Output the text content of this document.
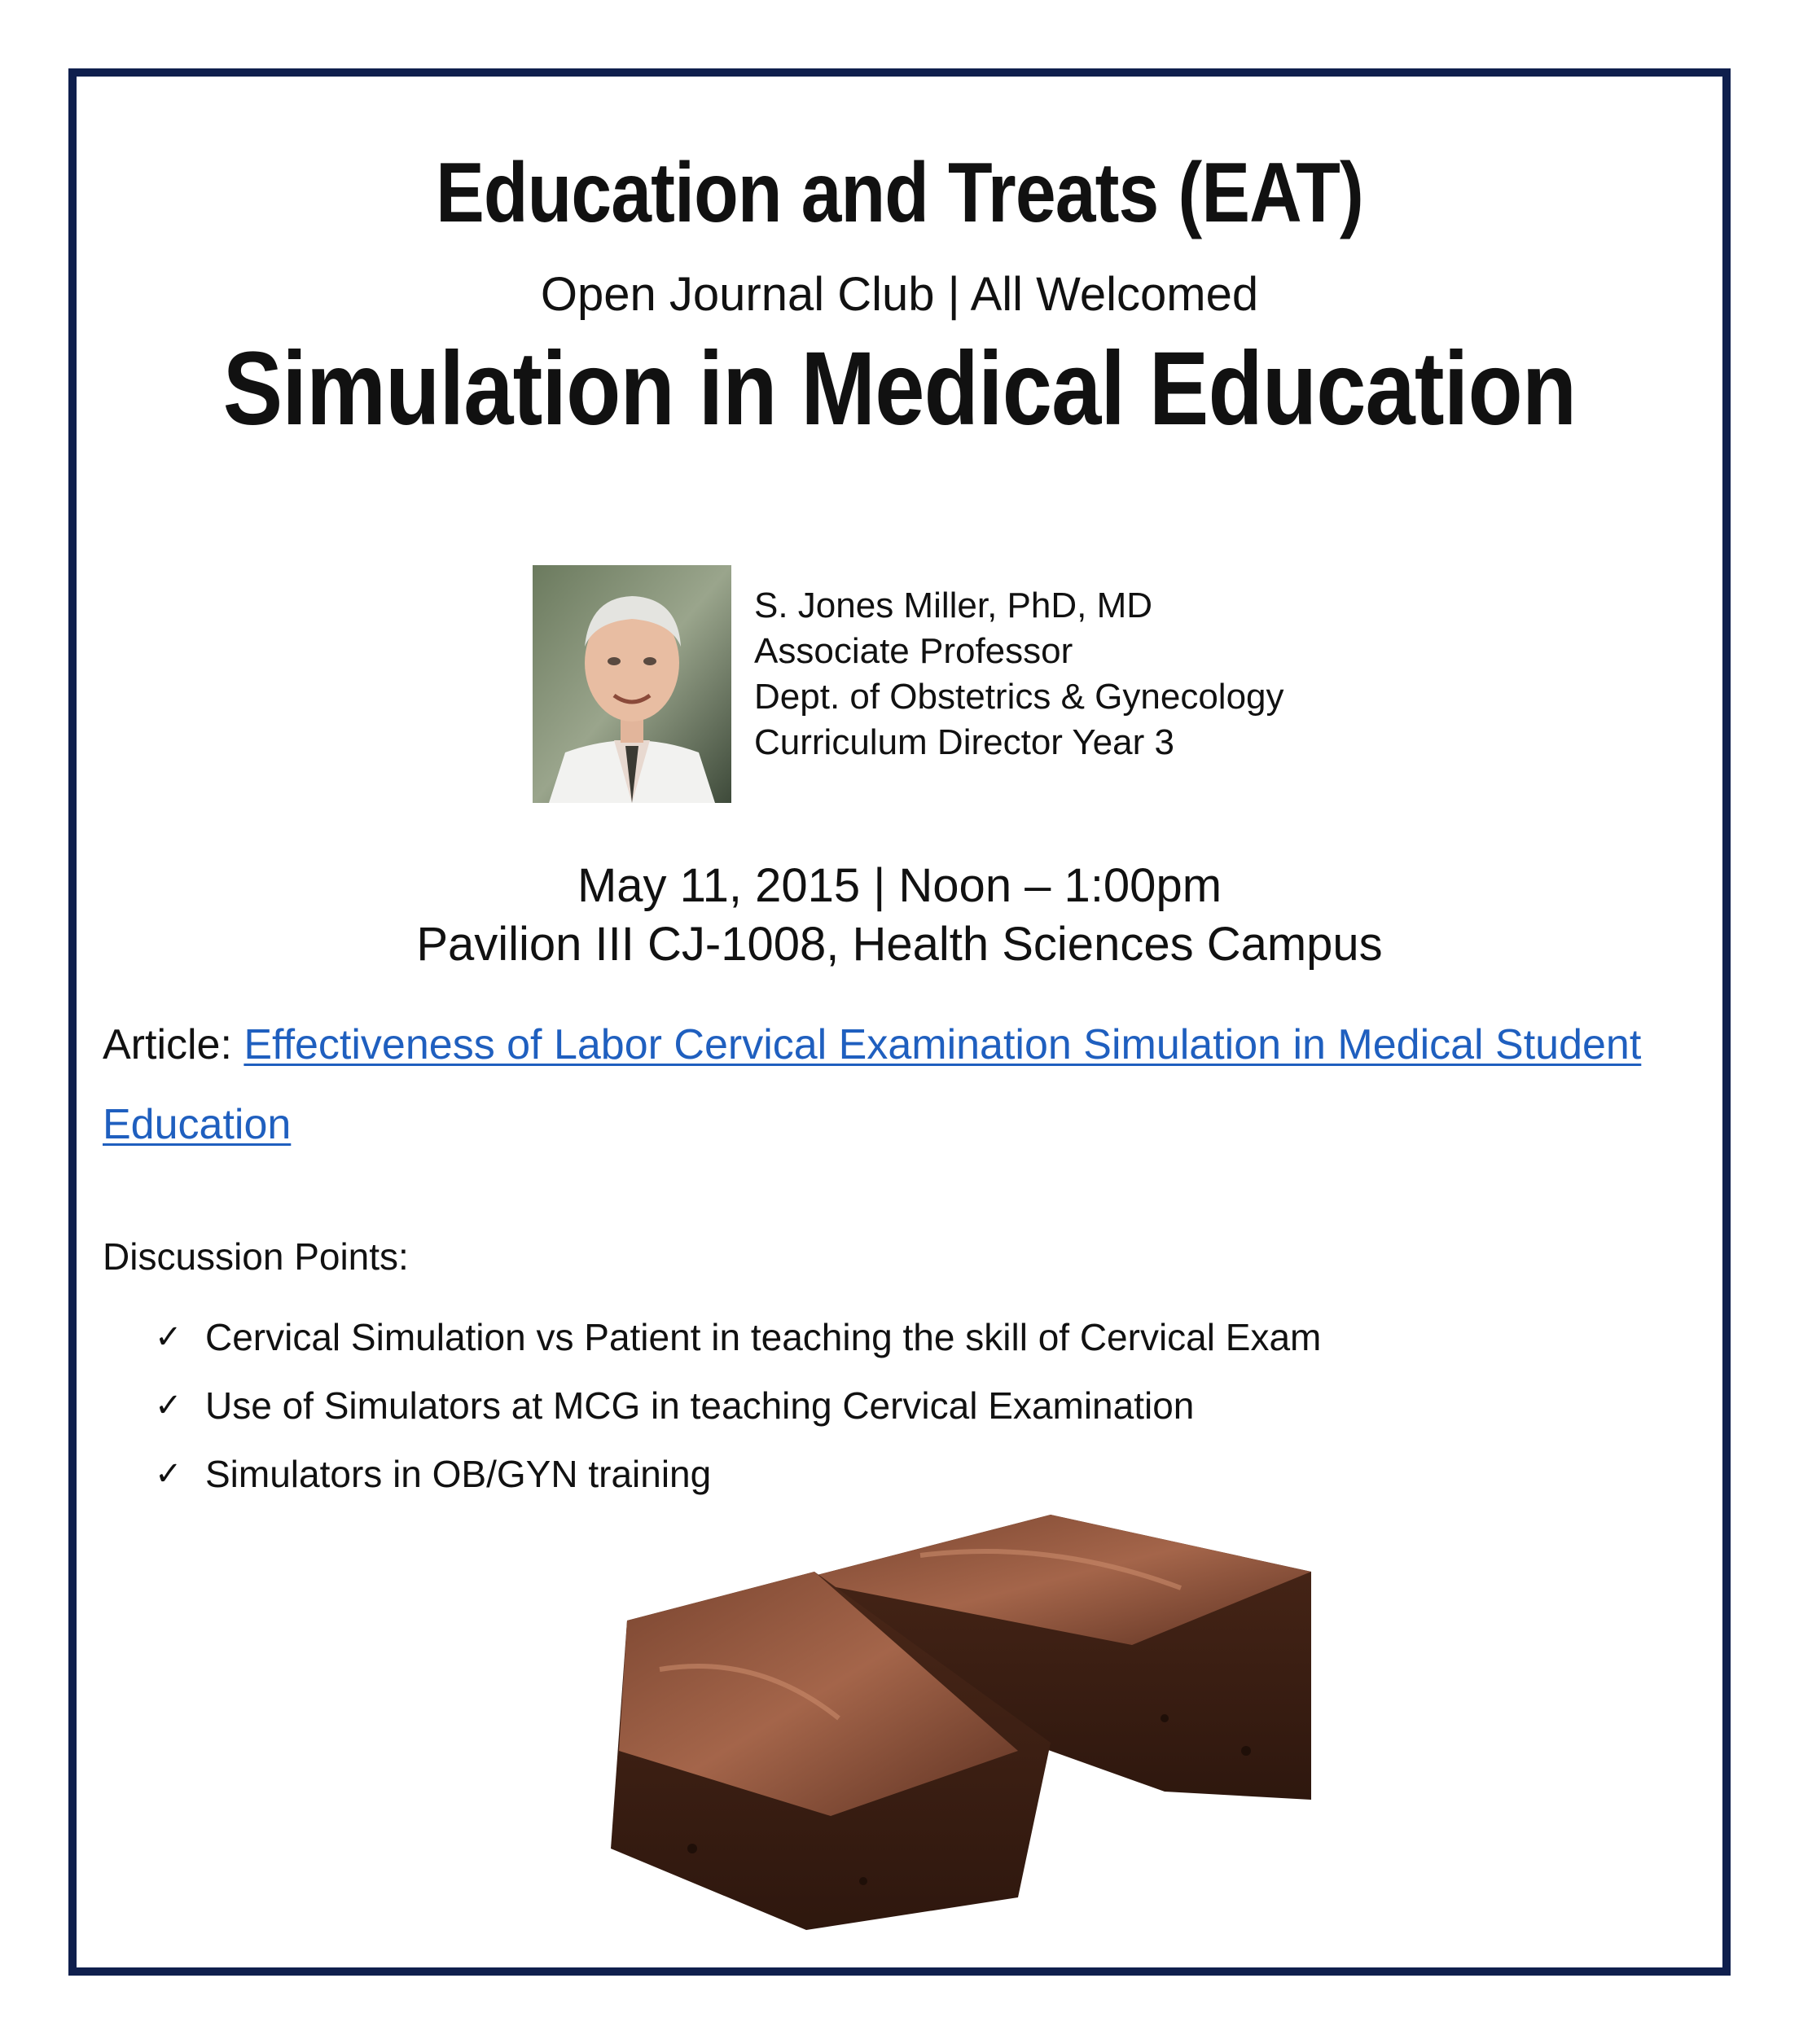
Education and Treats (EAT)
Open Journal Club | All Welcomed
Simulation in Medical Education
S. Jones Miller, PhD, MD
Associate Professor
Dept. of Obstetrics & Gynecology
Curriculum Director Year 3
May 11, 2015 | Noon – 1:00pm
Pavilion III CJ-1008, Health Sciences Campus
Article: Effectiveness of Labor Cervical Examination Simulation in Medical Student Education
Discussion Points:
✓ Cervical Simulation vs Patient in teaching the skill of Cervical Exam
✓ Use of Simulators at MCG in teaching Cervical Examination
✓ Simulators in OB/GYN training
